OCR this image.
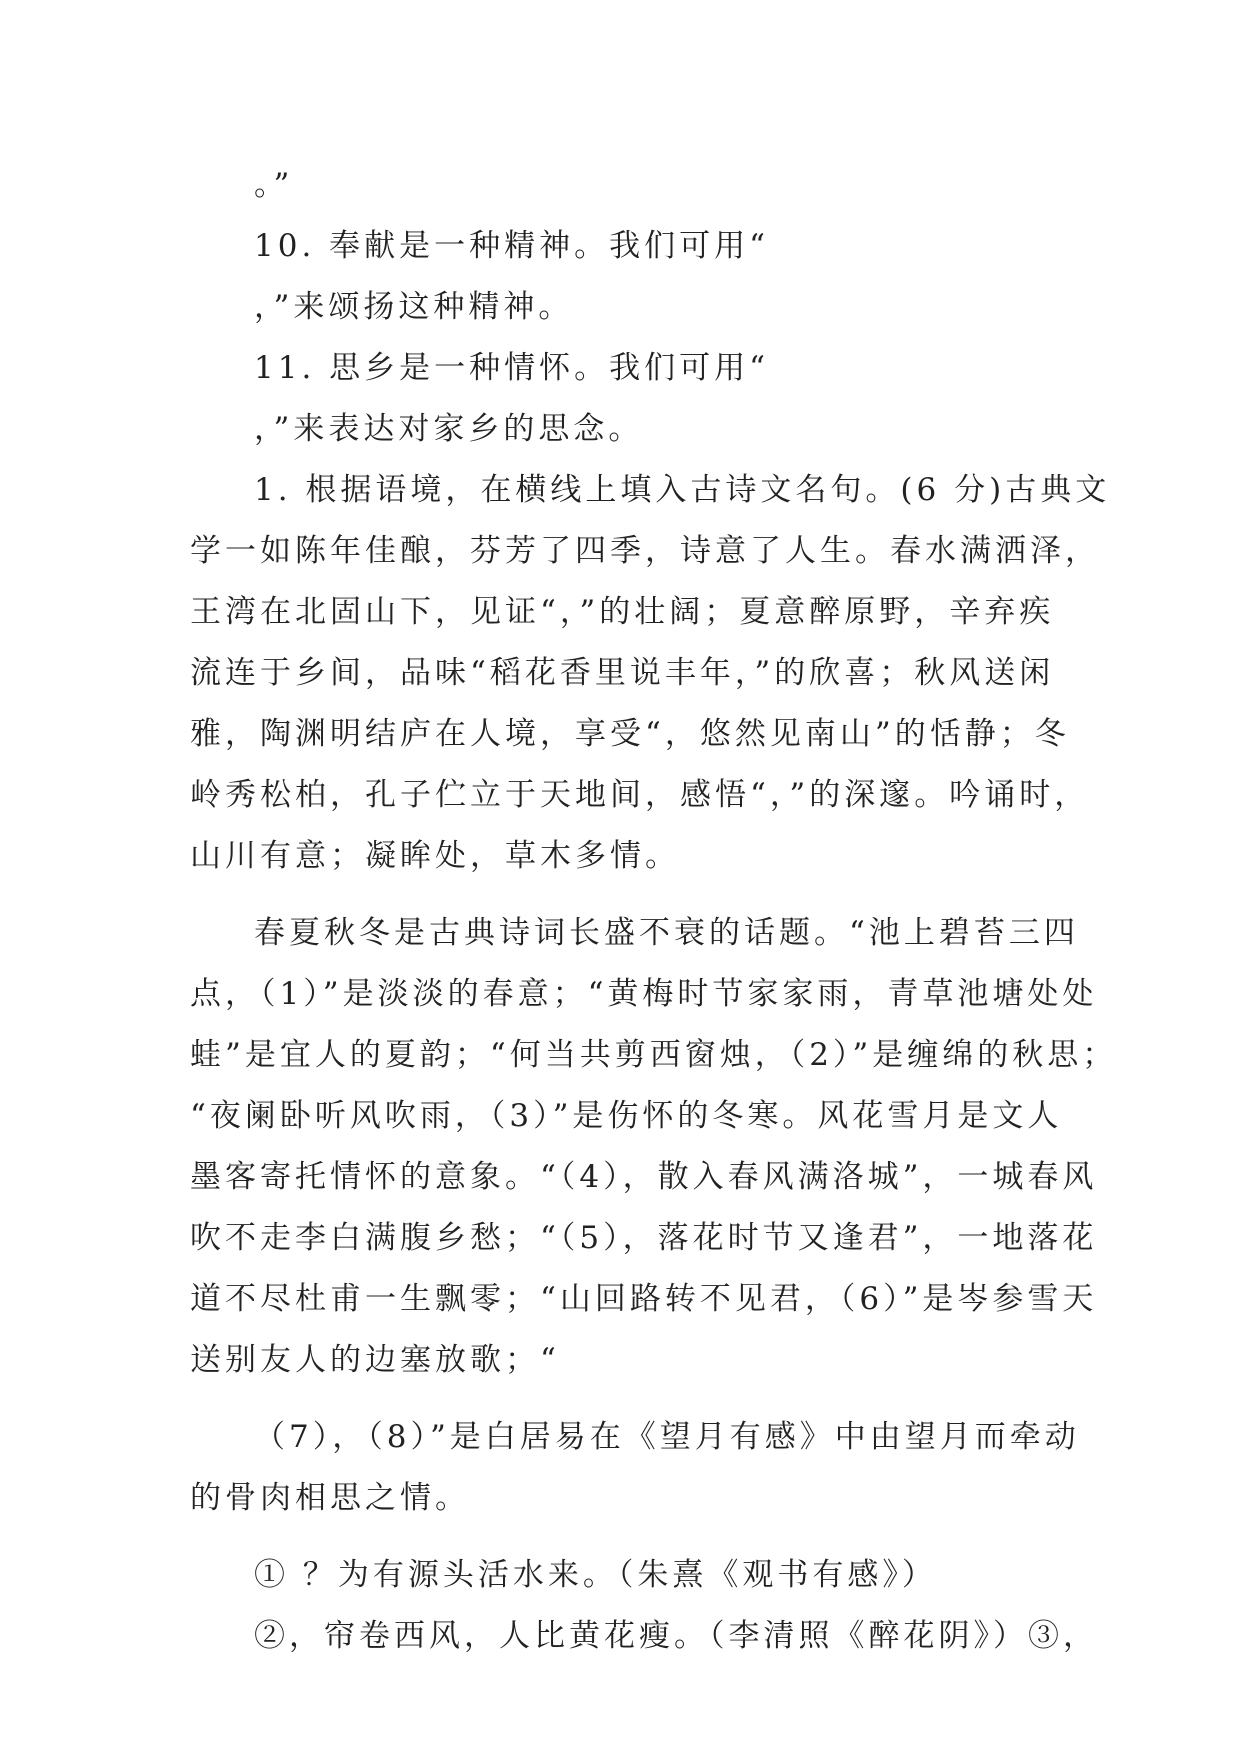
。”
10. 奉献是一种精神。我们可用“
，”来颂扬这种精神。
11. 思乡是一种情怀。我们可用“
，”来表达对家乡的思念。
1. 根据语境，在横线上填入古诗文名句。(6 分)古典文
学一如陈年佳酿，芬芳了四季，诗意了人生。春水满洒泽，
王湾在北固山下，见证“，”的壮阔；夏意醉原野，辛弃疾
流连于乡间，品味“稻花香里说丰年，”的欣喜；秋风送闲
雅，陶渊明结庐在人境，享受“，悠然见南山”的恬静；冬
岭秀松柏，孔子伫立于天地间，感悟“，”的深邃。吟诵时，
山川有意；凝眸处，草木多情。
春夏秋冬是古典诗词长盛不衰的话题。“池上碧苔三四
点，（1）”是淡淡的春意；“黄梅时节家家雨，青草池塘处处
蛙”是宜人的夏韵；“何当共剪西窗烛，（2）”是缠绵的秋思；
“夜阑卧听风吹雨，（3）”是伤怀的冬寒。风花雪月是文人
墨客寄托情怀的意象。“（4），散入春风满洛城”，一城春风
吹不走李白满腹乡愁；“（5），落花时节又逢君”，一地落花
道不尽杜甫一生飘零；“山回路转不见君，（6）”是岑参雪天
送别友人的边塞放歌；“
（7），（8）”是白居易在《望月有感》中由望月而牵动
的骨肉相思之情。
① ？为有源头活水来。（朱熹《观书有感》）
②，帘卷西风，人比黄花瘦。（李清照《醉花阴》）③，
